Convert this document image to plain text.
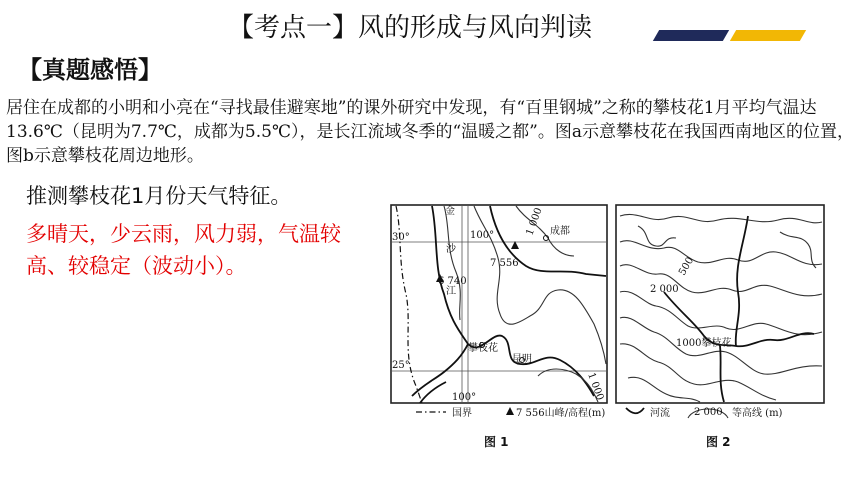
【考点一】风的形成与风向判读
【真题感悟】
居住在成都的小明和小亮在“寻找最佳避寒地”的课外研究中发现，有“百里钢城”之称的攀枝花1月平均气温达13.6℃（昆明为7.7℃，成都为5.5℃），是长江流域冬季的“温暖之都”。图a示意攀枝花在我国西南地区的位置，图b示意攀枝花周边地形。
推测攀枝花1月份天气特征。
多晴天，少云雨，风力弱，气温较高、较稳定（波动小）。
金
沙
江
成都
攀枝花
昆明
30°
25°
100°
100°
7 556
6 740
1 000
1 000
图 1
500
2 000
1000攀枝花
图 2
国界	7 556山峰/高程(m)	河流 2 000 等高线 (m)
